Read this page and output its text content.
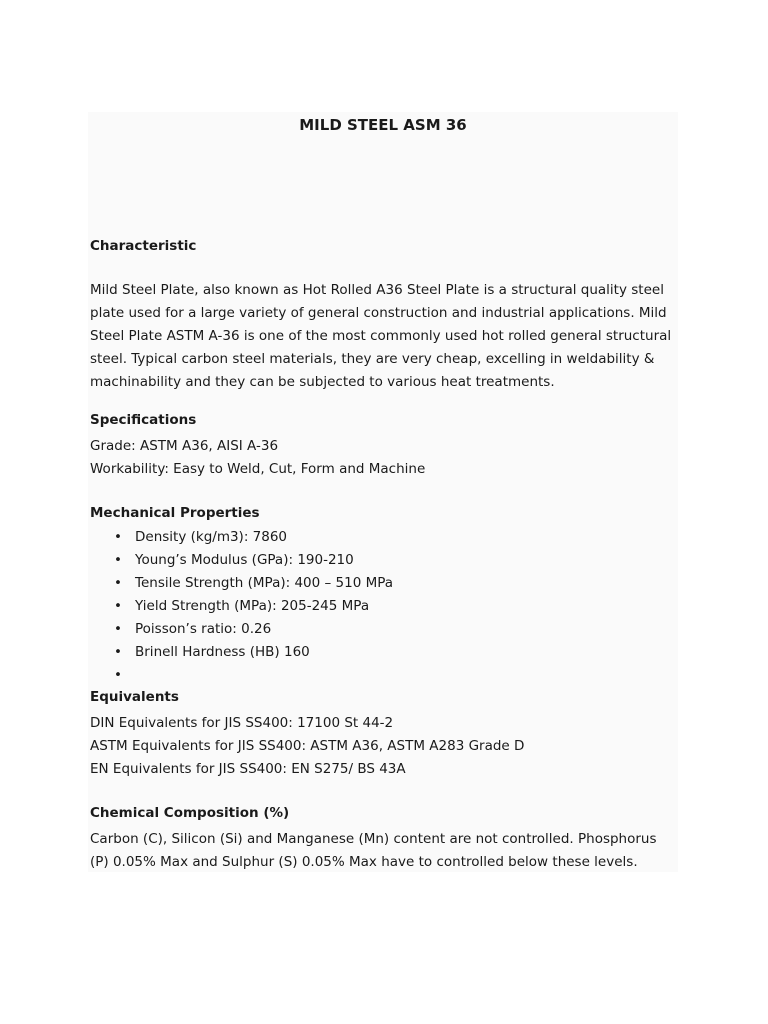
MILD STEEL ASM 36
Characteristic
Mild Steel Plate, also known as Hot Rolled A36 Steel Plate is a structural quality steel
plate used for a large variety of general construction and industrial applications. Mild
Steel Plate ASTM A-36 is one of the most commonly used hot rolled general structural
steel. Typical carbon steel materials, they are very cheap, excelling in weldability &
machinability and they can be subjected to various heat treatments.
Specifications
Grade: ASTM A36, AISI A-36
Workability: Easy to Weld, Cut, Form and Machine
Mechanical Properties
• Density (kg/m3): 7860
• Young’s Modulus (GPa): 190-210
• Tensile Strength (MPa): 400 – 510 MPa
• Yield Strength (MPa): 205-245 MPa
• Poisson’s ratio: 0.26
• Brinell Hardness (HB) 160
•
Equivalents
DIN Equivalents for JIS SS400: 17100 St 44-2
ASTM Equivalents for JIS SS400: ASTM A36, ASTM A283 Grade D
EN Equivalents for JIS SS400: EN S275/ BS 43A
Chemical Composition (%)
Carbon (C), Silicon (Si) and Manganese (Mn) content are not controlled. Phosphorus
(P) 0.05% Max and Sulphur (S) 0.05% Max have to controlled below these levels.
